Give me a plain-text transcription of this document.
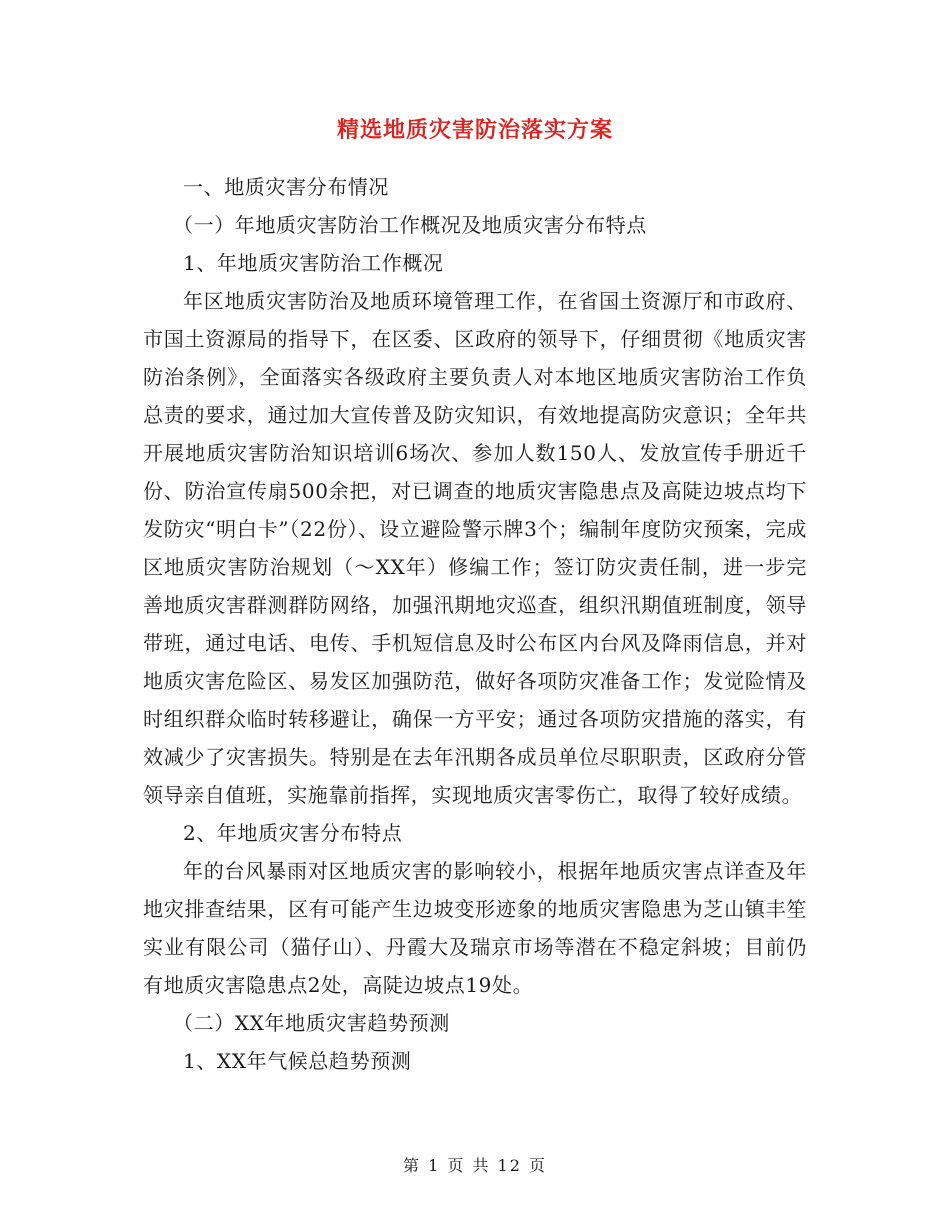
精选地质灾害防治落实方案

一、地质灾害分布情况

（一）年地质灾害防治工作概况及地质灾害分布特点

1、年地质灾害防治工作概况

年区地质灾害防治及地质环境管理工作，在省国土资源厅和市政府、市国土资源局的指导下，在区委、区政府的领导下，仔细贯彻《地质灾害防治条例》，全面落实各级政府主要负责人对本地区地质灾害防治工作负总责的要求，通过加大宣传普及防灾知识，有效地提高防灾意识；全年共开展地质灾害防治知识培训6场次、参加人数150人、发放宣传手册近千份、防治宣传扇500余把，对已调查的地质灾害隐患点及高陡边坡点均下发防灾“明白卡”（22份）、设立避险警示牌3个；编制年度防灾预案，完成区地质灾害防治规划（～XX年）修编工作；签订防灾责任制，进一步完善地质灾害群测群防网络，加强汛期地灾巡查，组织汛期值班制度，领导带班，通过电话、电传、手机短信息及时公布区内台风及降雨信息，并对地质灾害危险区、易发区加强防范，做好各项防灾准备工作；发觉险情及时组织群众临时转移避让，确保一方平安；通过各项防灾措施的落实，有效减少了灾害损失。特别是在去年汛期各成员单位尽职职责，区政府分管领导亲自值班，实施靠前指挥，实现地质灾害零伤亡，取得了较好成绩。

2、年地质灾害分布特点

年的台风暴雨对区地质灾害的影响较小，根据年地质灾害点详查及年地灾排查结果，区有可能产生边坡变形迹象的地质灾害隐患为芝山镇丰笙实业有限公司（猫仔山）、丹霞大及瑞京市场等潜在不稳定斜坡；目前仍有地质灾害隐患点2处，高陡边坡点19处。

（二）XX年地质灾害趋势预测

1、XX年气候总趋势预测

第 1 页 共 12 页
